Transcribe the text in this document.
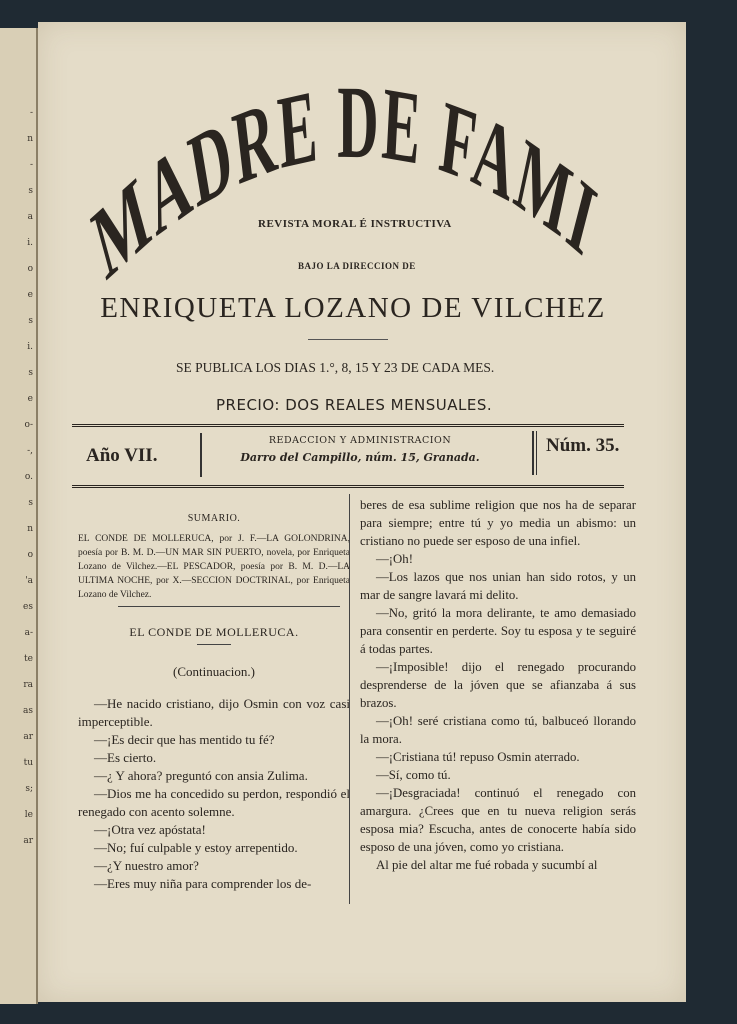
-
n
-
s
a
i.
o
e
s
i.
s
e
o-
-,
o.
s
n
o
'a
es
a-
te
ra
as
ar
tu
s;
le
ar
LA MADRE DE FAMILIA.
REVISTA MORAL É INSTRUCTIVA
BAJO LA DIRECCION DE
ENRIQUETA LOZANO DE VILCHEZ
SE PUBLICA LOS DIAS 1.°, 8, 15 Y 23 DE CADA MES.
PRECIO: DOS REALES MENSUALES.
Año VII.
REDACCION Y ADMINISTRACION
Darro del Campillo, núm. 15, Granada.
Núm. 35.
SUMARIO.
EL CONDE DE MOLLERUCA, por J. F.—LA GOLONDRINA, poesía por B. M. D.—UN MAR SIN PUERTO, novela, por Enriqueta Lozano de Vilchez.—EL PESCADOR, poesía por B. M. D.—LA ULTIMA NOCHE, por X.—SECCION DOCTRINAL, por Enriqueta Lozano de Vilchez.
EL CONDE DE MOLLERUCA.
(Continuacion.)

—He nacido cristiano, dijo Osmin con voz casi imperceptible.

—¡Es decir que has mentido tu fé?

—Es cierto.

—¿ Y ahora? preguntó con ansia Zulima.

—Dios me ha concedido su perdon, respondió el renegado con acento solemne.

—¡Otra vez apóstata!

—No; fuí culpable y estoy arrepentido.

—¿Y nuestro amor?

—Eres muy niña para comprender los de-

beres de esa sublime religion que nos ha de separar para siempre; entre tú y yo media un abismo: un cristiano no puede ser esposo de una infiel.

—¡Oh!

—Los lazos que nos unian han sido rotos, y un mar de sangre lavará mi delito.

—No, gritó la mora delirante, te amo demasiado para consentir en perderte. Soy tu esposa y te seguiré á todas partes.

—¡Imposible! dijo el renegado procurando desprenderse de la jóven que se afianzaba á sus brazos.

—¡Oh! seré cristiana como tú, balbuceó llorando la mora.

—¡Cristiana tú! repuso Osmin aterrado.

—Sí, como tú.

—¡Desgraciada! continuó el renegado con amargura. ¿Crees que en tu nueva religion serás esposa mia? Escucha, antes de conocerte había sido esposo de una jóven, como yo cristiana.

Al pie del altar me fué robada y sucumbí al
